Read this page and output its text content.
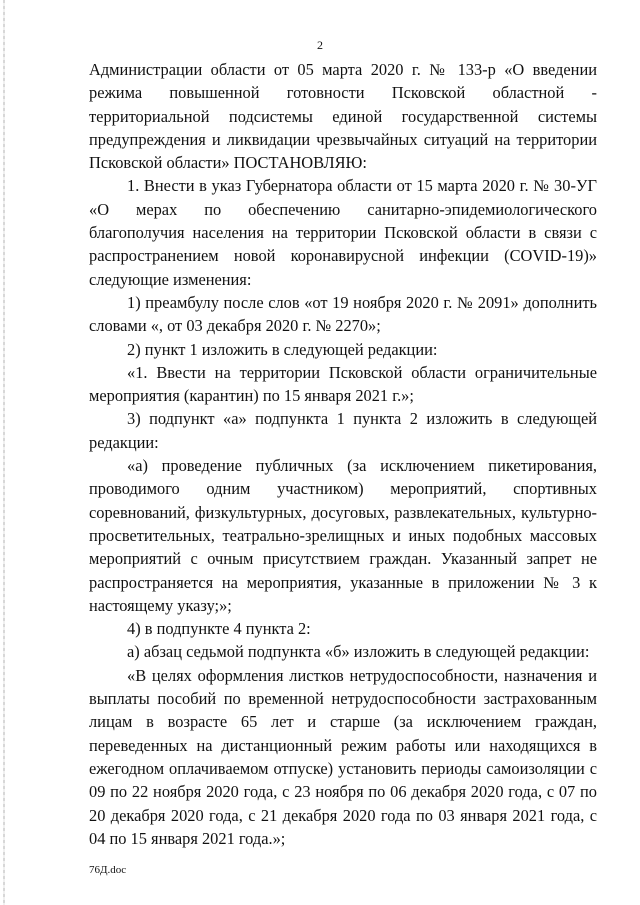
2

Администрации области от 05 марта 2020 г. № 133-р «О введении режима повышенной готовности Псковской областной - территориальной подсистемы единой государственной системы предупреждения и ликвидации чрезвычайных ситуаций на территории Псковской области» ПОСТАНОВЛЯЮ:

1. Внести в указ Губернатора области от 15 марта 2020 г. № 30-УГ «О мерах по обеспечению санитарно-эпидемиологического благополучия населения на территории Псковской области в связи с распространением новой коронавирусной инфекции (COVID-19)» следующие изменения:

1) преамбулу после слов «от 19 ноября 2020 г. № 2091» дополнить словами «, от 03 декабря 2020 г. № 2270»;

2) пункт 1 изложить в следующей редакции:

«1. Ввести на территории Псковской области ограничительные мероприятия (карантин) по 15 января 2021 г.»;

3) подпункт «а» подпункта 1 пункта 2 изложить в следующей редакции:

«а) проведение публичных (за исключением пикетирования, проводимого одним участником) мероприятий, спортивных соревнований, физкультурных, досуговых, развлекательных, культурно-просветительных, театрально-зрелищных и иных подобных массовых мероприятий с очным присутствием граждан. Указанный запрет не распространяется на мероприятия, указанные в приложении № 3 к настоящему указу;»;

4) в подпункте 4 пункта 2:

а) абзац седьмой подпункта «б» изложить в следующей редакции:

«В целях оформления листков нетрудоспособности, назначения и выплаты пособий по временной нетрудоспособности застрахованным лицам в возрасте 65 лет и старше (за исключением граждан, переведенных на дистанционный режим работы или находящихся в ежегодном оплачиваемом отпуске) установить периоды самоизоляции с 09 по 22 ноября 2020 года, с 23 ноября по 06 декабря 2020 года, с 07 по 20 декабря 2020 года, с 21 декабря 2020 года по 03 января 2021 года, с 04 по 15 января 2021 года.»;

76Д.doc
